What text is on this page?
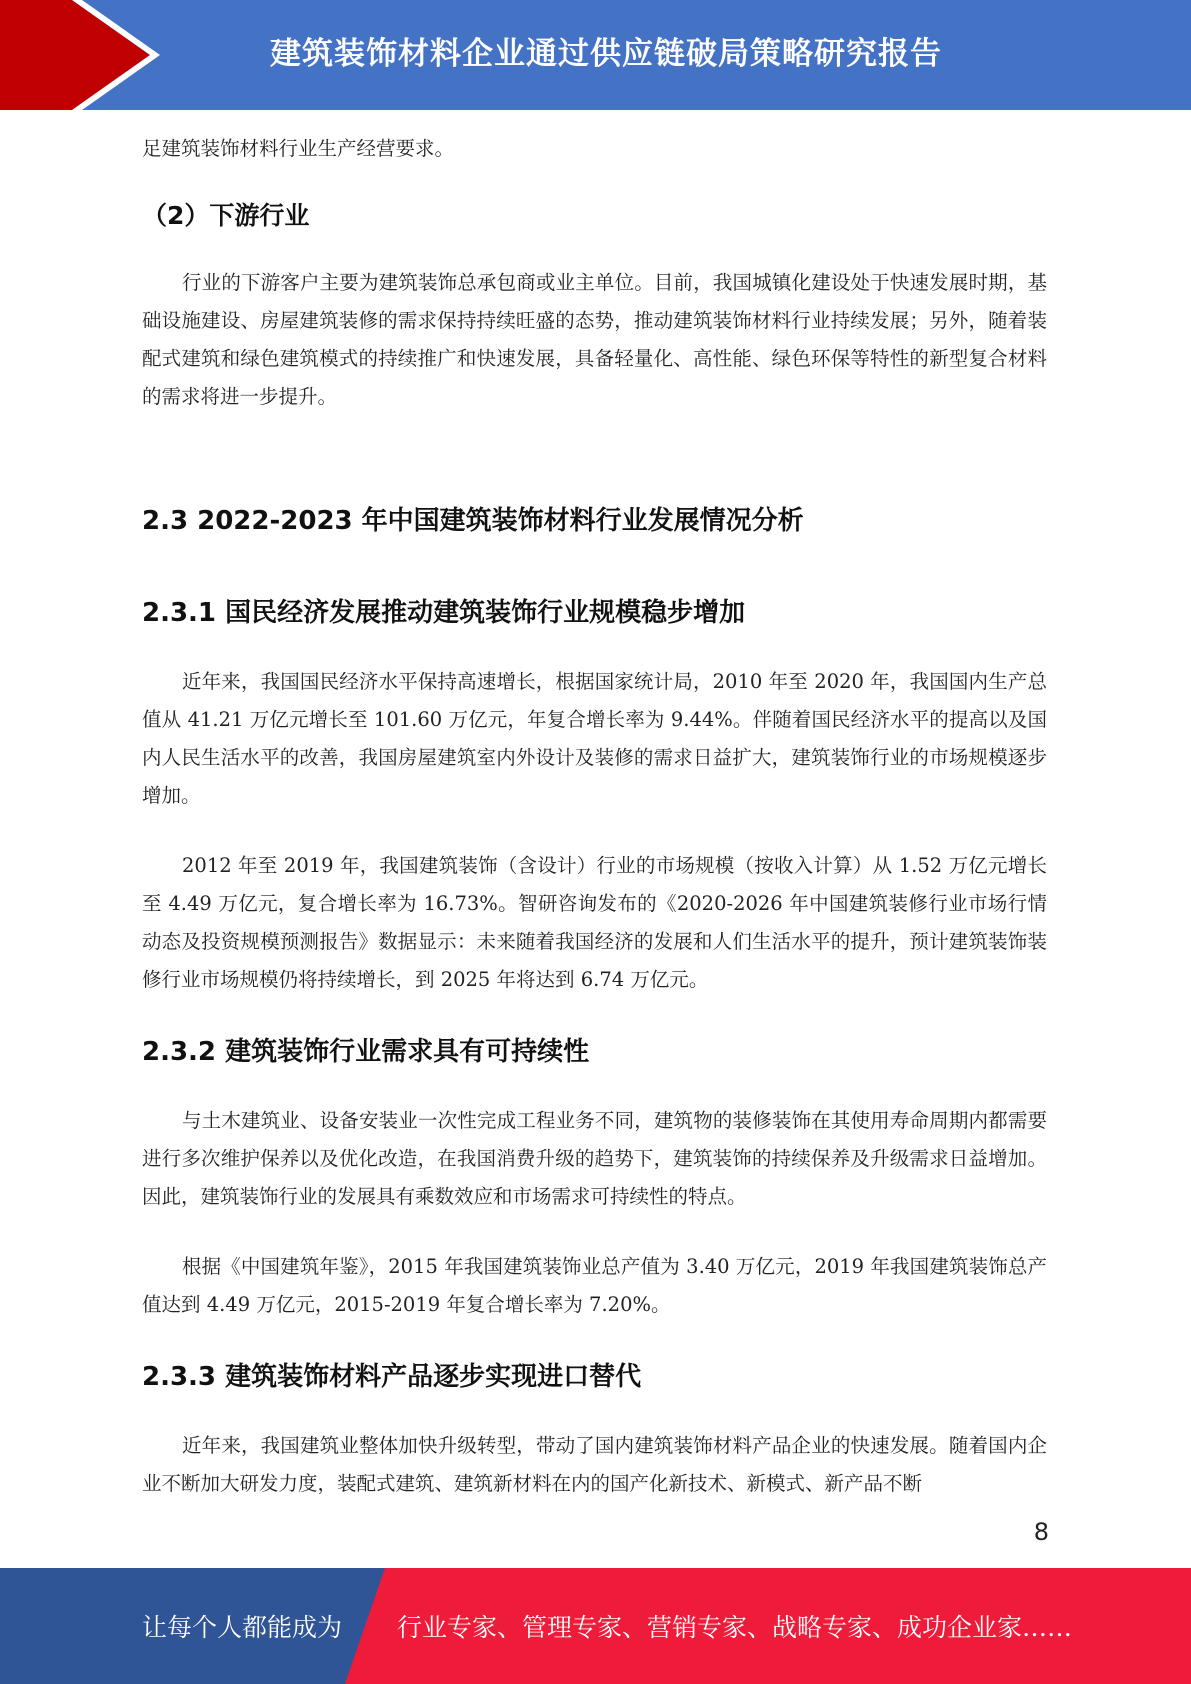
建筑装饰材料企业通过供应链破局策略研究报告

足建筑装饰材料行业生产经营要求。

（2）下游行业

行业的下游客户主要为建筑装饰总承包商或业主单位。目前，我国城镇化建设处于快速发展时期，基础设施建设、房屋建筑装修的需求保持持续旺盛的态势，推动建筑装饰材料行业持续发展；另外，随着装配式建筑和绿色建筑模式的持续推广和快速发展，具备轻量化、高性能、绿色环保等特性的新型复合材料的需求将进一步提升。

2.3 2022-2023 年中国建筑装饰材料行业发展情况分析
2.3.1 国民经济发展推动建筑装饰行业规模稳步增加

近年来，我国国民经济水平保持高速增长，根据国家统计局，2010 年至 2020 年，我国国内生产总值从 41.21 万亿元增长至 101.60 万亿元，年复合增长率为 9.44%。伴随着国民经济水平的提高以及国内人民生活水平的改善，我国房屋建筑室内外设计及装修的需求日益扩大，建筑装饰行业的市场规模逐步增加。

2012 年至 2019 年，我国建筑装饰（含设计）行业的市场规模（按收入计算）从 1.52 万亿元增长至 4.49 万亿元，复合增长率为 16.73%。智研咨询发布的《2020-2026 年中国建筑装修行业市场行情动态及投资规模预测报告》数据显示：未来随着我国经济的发展和人们生活水平的提升，预计建筑装饰装修行业市场规模仍将持续增长，到 2025 年将达到 6.74 万亿元。

2.3.2 建筑装饰行业需求具有可持续性

与土木建筑业、设备安装业一次性完成工程业务不同，建筑物的装修装饰在其使用寿命周期内都需要进行多次维护保养以及优化改造，在我国消费升级的趋势下，建筑装饰的持续保养及升级需求日益增加。因此，建筑装饰行业的发展具有乘数效应和市场需求可持续性的特点。

根据《中国建筑年鉴》，2015 年我国建筑装饰业总产值为 3.40 万亿元，2019 年我国建筑装饰总产值达到 4.49 万亿元，2015-2019 年复合增长率为 7.20%。

2.3.3 建筑装饰材料产品逐步实现进口替代

近年来，我国建筑业整体加快升级转型，带动了国内建筑装饰材料产品企业的快速发展。随着国内企业不断加大研发力度，装配式建筑、建筑新材料在内的国产化新技术、新模式、新产品不断

8
让每个人都能成为 行业专家、管理专家、营销专家、战略专家、成功企业家……
